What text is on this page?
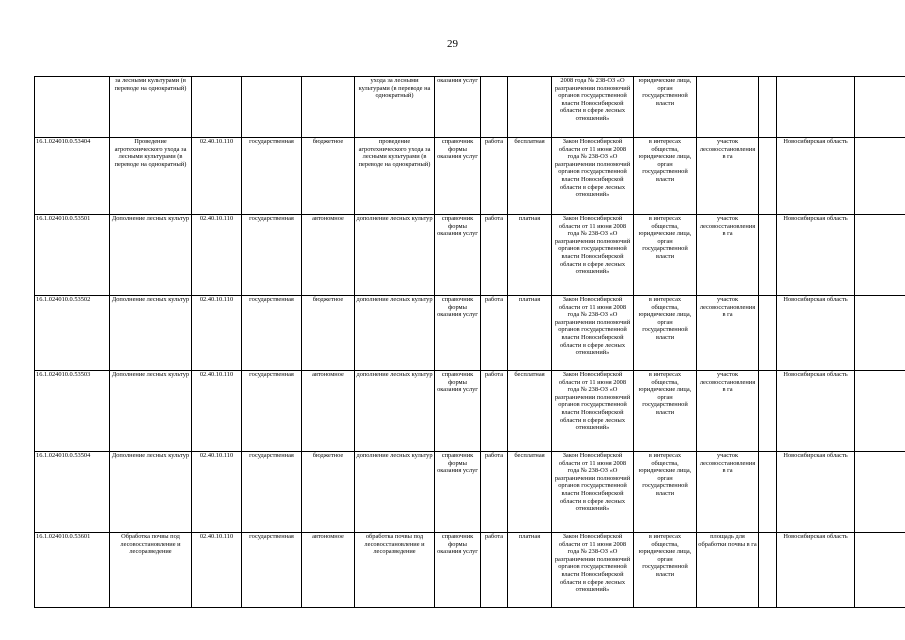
29
	за лесными культурами (в переводе на однократный)				ухода за лесными культурами (в переводе на однократный)	оказания услуг			2008 года № 238-ОЗ «О разграничении полномочий органов государственной власти Новосибирской области в сфере лесных отношений»	юридические лица, орган государственной власти				
16.1.024010.0.53404	Проведение агротехнического ухода за лесными культурами (в переводе на однократный)	02.40.10.110	государственная	бюджетное	проведение агротехнического ухода за лесными культурами (в переводе на однократный)	справочник формы оказания услуг	работа	бесплатная	Закон Новосибирской области от 11 июня 2008 года № 238-ОЗ «О разграничении полномочий органов государственной власти Новосибирской области в сфере лесных отношений»	в интересах общества, юридические лица, орган государственной власти	участок лесовосстановления в га		Новосибирская область	
16.1.024010.0.53501	Дополнение лесных культур	02.40.10.110	государственная	автономное	дополнение лесных культур	справочник формы оказания услуг	работа	платная	Закон Новосибирской области от 11 июня 2008 года № 238-ОЗ «О разграничении полномочий органов государственной власти Новосибирской области в сфере лесных отношений»	в интересах общества, юридические лица, орган государственной власти	участок лесовосстановления в га		Новосибирская область	
16.1.024010.0.53502	Дополнение лесных культур	02.40.10.110	государственная	бюджетное	дополнение лесных культур	справочник формы оказания услуг	работа	платная	Закон Новосибирской области от 11 июня 2008 года № 238-ОЗ «О разграничении полномочий органов государственной власти Новосибирской области в сфере лесных отношений»	в интересах общества, юридические лица, орган государственной власти	участок лесовосстановления в га		Новосибирская область	
16.1.024010.0.53503	Дополнение лесных культур	02.40.10.110	государственная	автономное	дополнение лесных культур	справочник формы оказания услуг	работа	бесплатная	Закон Новосибирской области от 11 июня 2008 года № 238-ОЗ «О разграничении полномочий органов государственной власти Новосибирской области в сфере лесных отношений»	в интересах общества, юридические лица, орган государственной власти	участок лесовосстановления в га		Новосибирская область	
16.1.024010.0.53504	Дополнение лесных культур	02.40.10.110	государственная	бюджетное	дополнение лесных культур	справочник формы оказания услуг	работа	бесплатная	Закон Новосибирской области от 11 июня 2008 года № 238-ОЗ «О разграничении полномочий органов государственной власти Новосибирской области в сфере лесных отношений»	в интересах общества, юридические лица, орган государственной власти	участок лесовосстановления в га		Новосибирская область	
16.1.024010.0.53601	Обработка почвы под лесовосстановление и лесоразведение	02.40.10.110	государственная	автономное	обработка почвы под лесовосстановление и лесоразведение	справочник формы оказания услуг	работа	платная	Закон Новосибирской области от 11 июня 2008 года № 238-ОЗ «О разграничении полномочий органов государственной власти Новосибирской области в сфере лесных отношений»	в интересах общества, юридические лица, орган государственной власти	площадь для обработки почвы в га		Новосибирская область	
